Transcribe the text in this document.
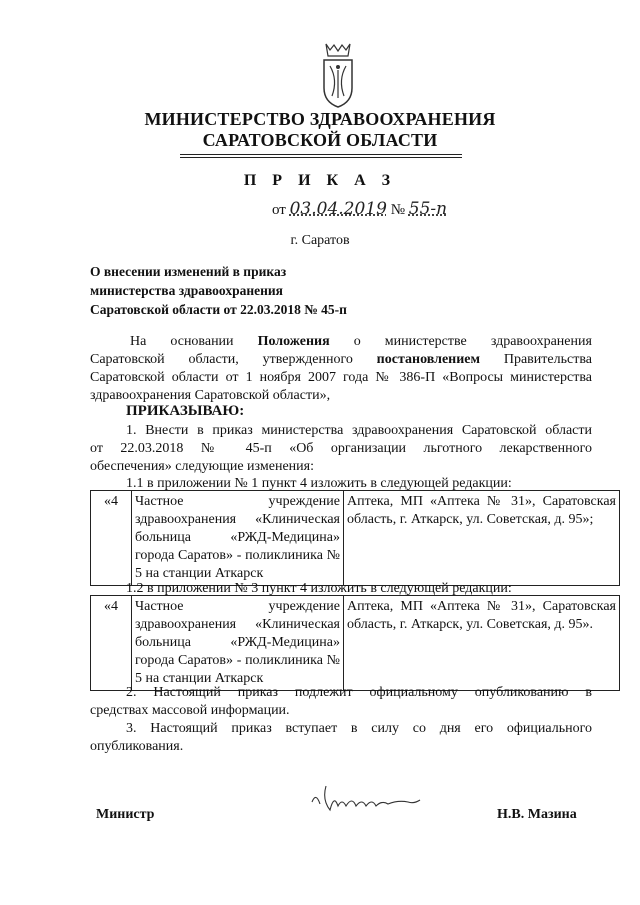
МИНИСТЕРСТВО ЗДРАВООХРАНЕНИЯ
САРАТОВСКОЙ ОБЛАСТИ
П Р И К А З
от 03.04.2019 № 55-п
г. Саратов
О внесении изменений в приказ
министерства здравоохранения
Саратовской области от 22.03.2018 № 45-п
На основании Положения о министерстве здравоохранения
Саратовской области, утвержденного постановлением Правительства
Саратовской области от 1 ноября 2007 года № 386-П «Вопросы министерства
здравоохранения Саратовской области»,
ПРИКАЗЫВАЮ:
1. Внести в приказ министерства здравоохранения Саратовской области
от 22.03.2018 № 45-п «Об организации льготного лекарственного
обеспечения» следующие изменения:
1.1 в приложении № 1 пункт 4 изложить в следующей редакции:
«4	Частное учреждение здравоохранения «Клиническая больница «РЖД-Медицина» города Саратов» - поликлиника № 5 на станции Аткарск	Аптека, МП «Аптека № 31», Саратовская область, г. Аткарск, ул. Советская, д. 95»;
1.2 в приложении № 3 пункт 4 изложить в следующей редакции:
«4	Частное учреждение здравоохранения «Клиническая больница «РЖД-Медицина» города Саратов» - поликлиника № 5 на станции Аткарск	Аптека, МП «Аптека № 31», Саратовская область, г. Аткарск, ул. Советская, д. 95».
2. Настоящий приказ подлежит официальному опубликованию в
средствах массовой информации.
3. Настоящий приказ вступает в силу со дня его официального
опубликования.
Министр	Н.В. Мазина
